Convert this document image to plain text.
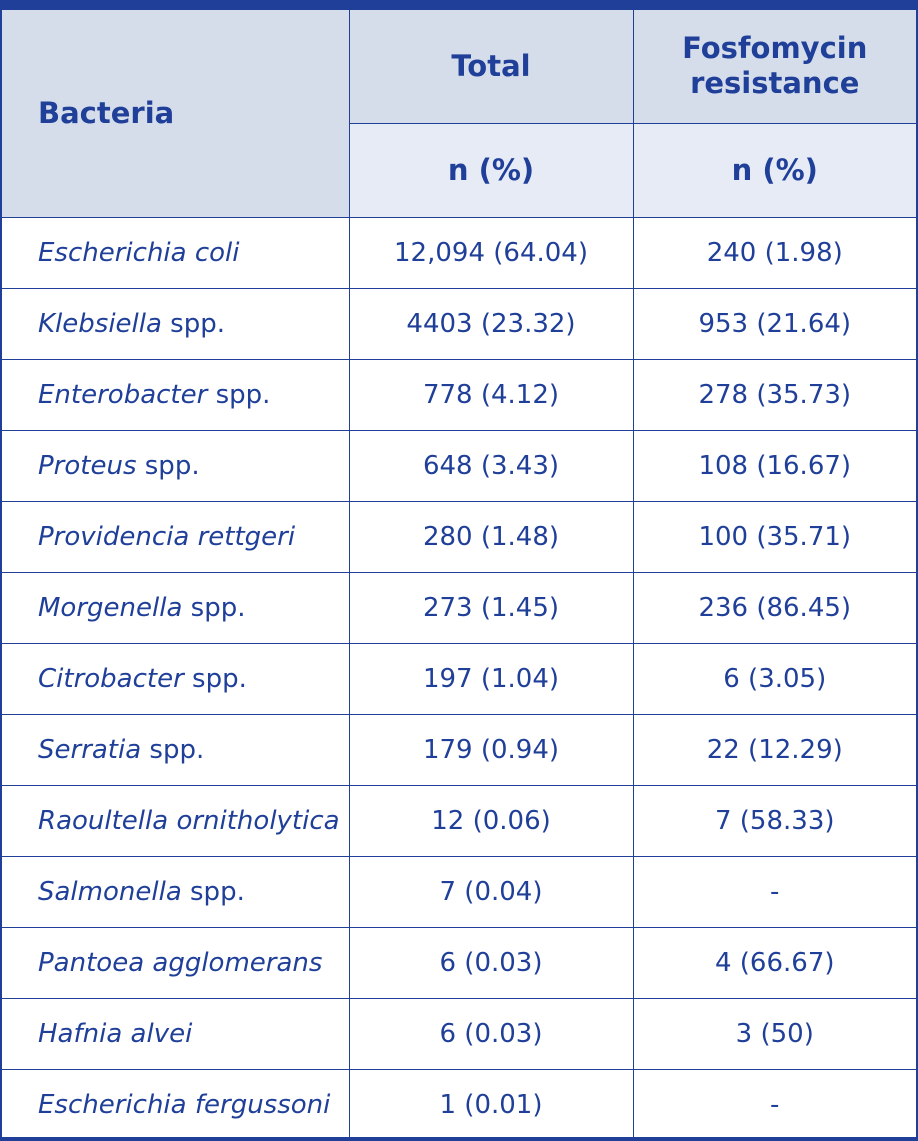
Bacteria	Total	Fosfomycin
resistance
	n (%)	n (%)
Escherichia coli	12,094 (64.04)	240 (1.98)
Klebsiella spp.	4403 (23.32)	953 (21.64)
Enterobacter spp.	778 (4.12)	278 (35.73)
Proteus spp.	648 (3.43)	108 (16.67)
Providencia rettgeri	280 (1.48)	100 (35.71)
Morgenella spp.	273 (1.45)	236 (86.45)
Citrobacter spp.	197 (1.04)	6 (3.05)
Serratia spp.	179 (0.94)	22 (12.29)
Raoultella ornitholytica	12 (0.06)	7 (58.33)
Salmonella spp.	7 (0.04)	-
Pantoea agglomerans	6 (0.03)	4 (66.67)
Hafnia alvei	6 (0.03)	3 (50)
Escherichia fergussoni	1 (0.01)	-
